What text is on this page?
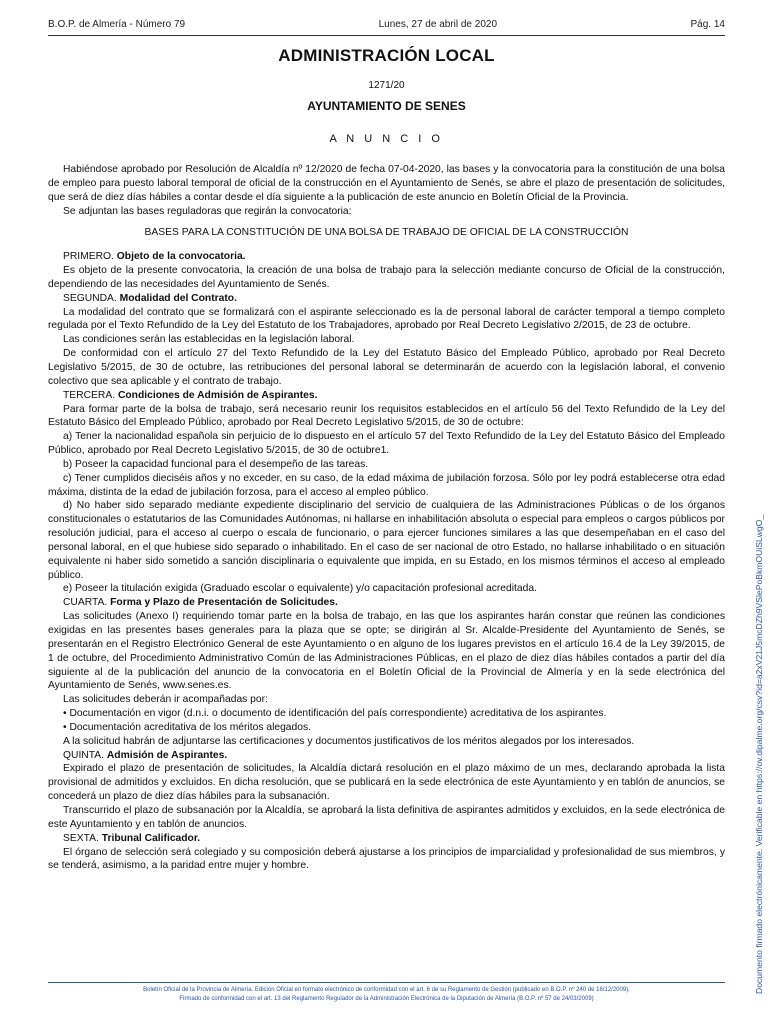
B.O.P. de Almería - Número 79	Lunes, 27 de abril de 2020	Pág. 14
ADMINISTRACIÓN LOCAL
1271/20
AYUNTAMIENTO DE SENES
A N U N C I O

Habiéndose aprobado por Resolución de Alcaldía nº 12/2020 de fecha 07-04-2020, las bases y la convocatoria para la constitución de una bolsa de empleo para puesto laboral temporal de oficial de la construcción en el Ayuntamiento de Senés, se abre el plazo de presentación de solicitudes, que será de diez días hábiles a contar desde el día siguiente a la publicación de este anuncio en Boletín Oficial de la Provincia.

Se adjuntan las bases reguladoras que regirán la convocatoria:

BASES PARA LA CONSTITUCIÓN DE UNA BOLSA DE TRABAJO DE OFICIAL DE LA CONSTRUCCIÓN

PRIMERO. Objeto de la convocatoria.

Es objeto de la presente convocatoria, la creación de una bolsa de trabajo para la selección mediante concurso de Oficial de la construcción, dependiendo de las necesidades del Ayuntamiento de Senés.

SEGUNDA. Modalidad del Contrato.

La modalidad del contrato que se formalizará con el aspirante seleccionado es la de personal laboral de carácter temporal a tiempo completo regulada por el Texto Refundido de la Ley del Estatuto de los Trabajadores, aprobado por Real Decreto Legislativo 2/2015, de 23 de octubre.

Las condiciones serán las establecidas en la legislación laboral.

De conformidad con el artículo 27 del Texto Refundido de la Ley del Estatuto Básico del Empleado Público, aprobado por Real Decreto Legislativo 5/2015, de 30 de octubre, las retribuciones del personal laboral se determinarán de acuerdo con la legislación laboral, el convenio colectivo que sea aplicable y el contrato de trabajo.

TERCERA. Condiciones de Admisión de Aspirantes.

Para formar parte de la bolsa de trabajo, será necesario reunir los requisitos establecidos en el artículo 56 del Texto Refundido de la Ley del Estatuto Básico del Empleado Público, aprobado por Real Decreto Legislativo 5/2015, de 30 de octubre:

a) Tener la nacionalidad española sin perjuicio de lo dispuesto en el artículo 57 del Texto Refundido de la Ley del Estatuto Básico del Empleado Público, aprobado por Real Decreto Legislativo 5/2015, de 30 de octubre1.

b) Poseer la capacidad funcional para el desempeño de las tareas.

c) Tener cumplidos dieciséis años y no exceder, en su caso, de la edad máxima de jubilación forzosa. Sólo por ley podrá establecerse otra edad máxima, distinta de la edad de jubilación forzosa, para el acceso al empleo público.

d) No haber sido separado mediante expediente disciplinario del servicio de cualquiera de las Administraciones Públicas o de los órganos constitucionales o estatutarios de las Comunidades Autónomas, ni hallarse en inhabilitación absoluta o especial para empleos o cargos públicos por resolución judicial, para el acceso al cuerpo o escala de funcionario, o para ejercer funciones similares a las que desempeñaban en el caso del personal laboral, en el que hubiese sido separado o inhabilitado. En el caso de ser nacional de otro Estado, no hallarse inhabilitado o en situación equivalente ni haber sido sometido a sanción disciplinaria o equivalente que impida, en su Estado, en los mismos términos el acceso al empleado público.

e) Poseer la titulación exigida (Graduado escolar o equivalente) y/o capacitación profesional acreditada.

CUARTA. Forma y Plazo de Presentación de Solicitudes.

Las solicitudes (Anexo I) requiriendo tomar parte en la bolsa de trabajo, en las que los aspirantes harán constar que reúnen las condiciones exigidas en las presentes bases generales para la plaza que se opte; se dirigirán al Sr. Alcalde-Presidente del Ayuntamiento de Senés, se presentarán en el Registro Electrónico General de este Ayuntamiento o en alguno de los lugares previstos en el artículo 16.4 de la Ley 39/2015, de 1 de octubre, del Procedimiento Administrativo Común de las Administraciones Públicas, en el plazo de diez días hábiles contados a partir del día siguiente al de la publicación del anuncio de la convocatoria en el Boletín Oficial de la Provincial de Almería y en la sede electrónica del Ayuntamiento de Senés, www.senes.es.

Las solicitudes deberán ir acompañadas por:

• Documentación en vigor (d.n.i. o documento de identificación del país correspondiente) acreditativa de los aspirantes.

• Documentación acreditativa de los méritos alegados.

A la solicitud habrán de adjuntarse las certificaciones y documentos justificativos de los méritos alegados por los interesados.

QUINTA. Admisión de Aspirantes.

Expirado el plazo de presentación de solicitudes, la Alcaldía dictará resolución en el plazo máximo de un mes, declarando aprobada la lista provisional de admitidos y excluidos. En dicha resolución, que se publicará en la sede electrónica de este Ayuntamiento y en tablón de anuncios, se concederá un plazo de diez días hábiles para la subsanación.

Transcurrido el plazo de subsanación por la Alcaldía, se aprobará la lista definitiva de aspirantes admitidos y excluidos, en la sede electrónica de este Ayuntamiento y en tablón de anuncios.

SEXTA. Tribunal Calificador.

El órgano de selección será colegiado y su composición deberá ajustarse a los principios de imparcialidad y profesionalidad de sus miembros, y se tenderá, asimismo, a la paridad entre mujer y hombre.

Boletín Oficial de la Provincia de Almería. Edición Oficial en formato electrónico de conformidad con el art. 6 de su Reglamento de Gestión (publicado en B.O.P. nº 240 de 16/12/2009).
Firmado de conformidad con el art. 13 del Reglamento Regulador de la Administración Electrónica de la Diputación de Almería (B.O.P. nº 57 de 24/03/2009)
Documento firmado electrónicamente. Verificable en https://ov.dipalme.org/csv?id=a2xV21J5mcDZh9VSlePoBkmOUiSLwgO_
